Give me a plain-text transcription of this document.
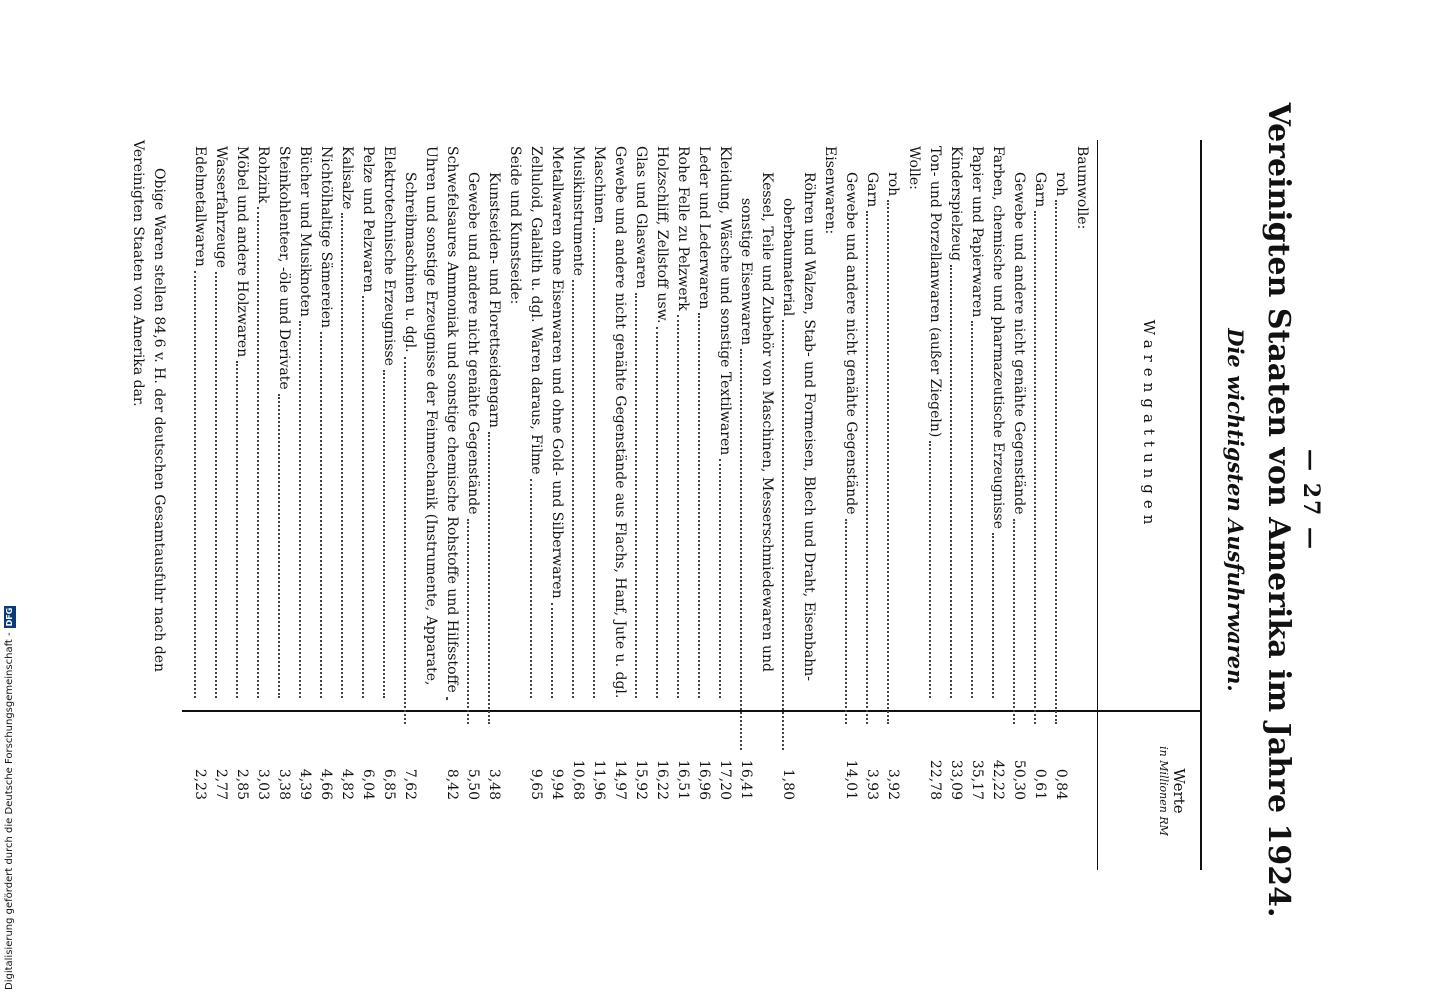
— 27 —
Vereinigten Staaten von Amerika im Jahre 1924.
Die wichtigsten Ausfuhrwaren.
Warengattungen
Werte
in Millionen RM
Baumwolle:
roh
0,84
Garn
0,61
Gewebe und andere nicht genähte Gegenstände
50,30
Farben, chemische und pharmazeutische Erzeugnisse
42,22
Papier und Papierwaren
35,17
Kinderspielzeug
33,09
Ton- und Porzellanwaren (außer Ziegeln)
22,78
Wolle:
roh
3,92
Garn
3,93
Gewebe und andere nicht genähte Gegenstände
14,01
Eisenwaren:
Röhren und Walzen, Stab- und Formeisen, Blech und Draht, Eisenbahn-
oberbaumaterial
1,80
Kessel, Teile und Zubehör von Maschinen, Messerschmiedewaren und
sonstige Eisenwaren
16,41
Kleidung, Wäsche und sonstige Textilwaren
17,20
Leder und Lederwaren
16,96
Rohe Felle zu Pelzwerk
16,51
Holzschliff, Zellstoff usw.
16,22
Glas und Glaswaren
15,92
Gewebe und andere nicht genähte Gegenstände aus Flachs, Hanf, Jute u. dgl.
14,97
Maschinen
11,96
Musikinstrumente
10,68
Metallwaren ohne Eisenwaren und ohne Gold- und Silberwaren
9,94
Zelluloid, Galalith u. dgl. Waren daraus, Filme
9,65
Seide und Kunstseide:
Kunstseiden- und Florettseidengarn
3,48
Gewebe und andere nicht genähte Gegenstände
5,50
Schwefelsaures Ammoniak und sonstige chemische Rohstoffe und Hilfsstoffe
8,42
Uhren und sonstige Erzeugnisse der Feinmechanik (Instrumente, Apparate,
Schreibmaschinen u. dgl.
7,62
Elektrotechnische Erzeugnisse
6,85
Pelze und Pelzwaren
6,04
Kalisalze
4,82
Nichtölhaltige Sämereien
4,66
Bücher und Musiknoten
4,39
Steinkohlenteer, -öle und Derivate
3,38
Rohzink
3,03
Möbel und andere Holzwaren
2,85
Wasserfahrzeuge
2,77
Edelmetallwaren
2,23
Obige Waren stellen 84,6 v. H. der deutschen Gesamtausfuhr nach den Vereinigten Staaten von Amerika dar.
Digitalisierung gefördert durch die Deutsche Forschungsgemeinschaft -DFG
